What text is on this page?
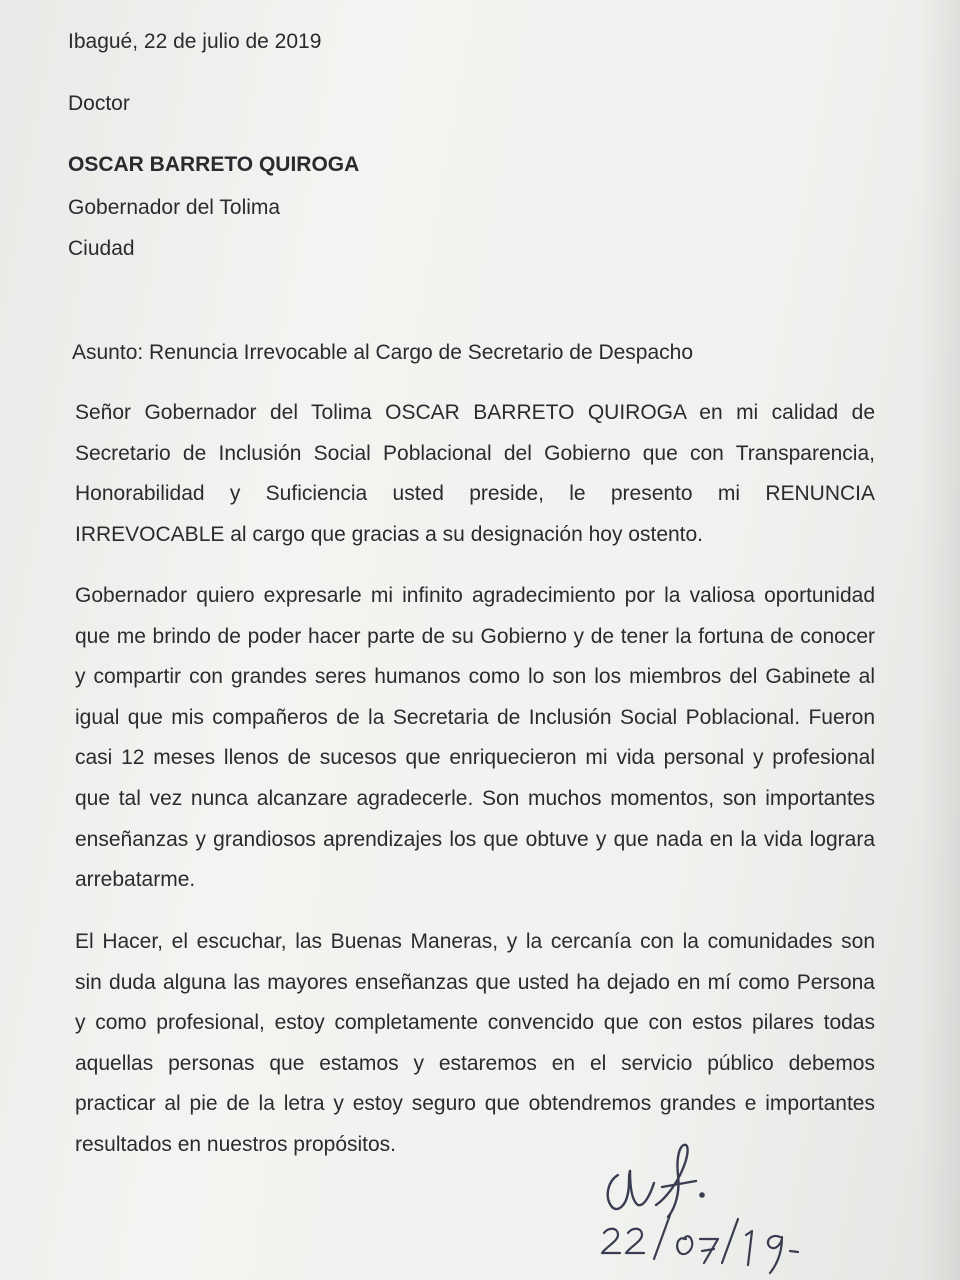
Ibagué, 22 de julio de 2019
Doctor
OSCAR BARRETO QUIROGA
Gobernador del Tolima
Ciudad
Asunto: Renuncia Irrevocable al Cargo de Secretario de Despacho
Señor Gobernador del Tolima OSCAR BARRETO QUIROGA en mi calidad de
Secretario de Inclusión Social Poblacional del Gobierno que con Transparencia,
Honorabilidad y Suficiencia usted preside, le presento mi RENUNCIA
IRREVOCABLE al cargo que gracias a su designación hoy ostento.
Gobernador quiero expresarle mi infinito agradecimiento por la valiosa oportunidad
que me brindo de poder hacer parte de su Gobierno y de tener la fortuna de conocer
y compartir con grandes seres humanos como lo son los miembros del Gabinete al
igual que mis compañeros de la Secretaria de Inclusión Social Poblacional. Fueron
casi 12 meses llenos de sucesos que enriquecieron mi vida personal y profesional
que tal vez nunca alcanzare agradecerle. Son muchos momentos, son importantes
enseñanzas y grandiosos aprendizajes los que obtuve y que nada en la vida lograra
arrebatarme.
El Hacer, el escuchar, las Buenas Maneras, y la cercanía con la comunidades son
sin duda alguna las mayores enseñanzas que usted ha dejado en mí como Persona
y como profesional, estoy completamente convencido que con estos pilares todas
aquellas personas que estamos y estaremos en el servicio público debemos
practicar al pie de la letra y estoy seguro que obtendremos grandes e importantes
resultados en nuestros propósitos.
